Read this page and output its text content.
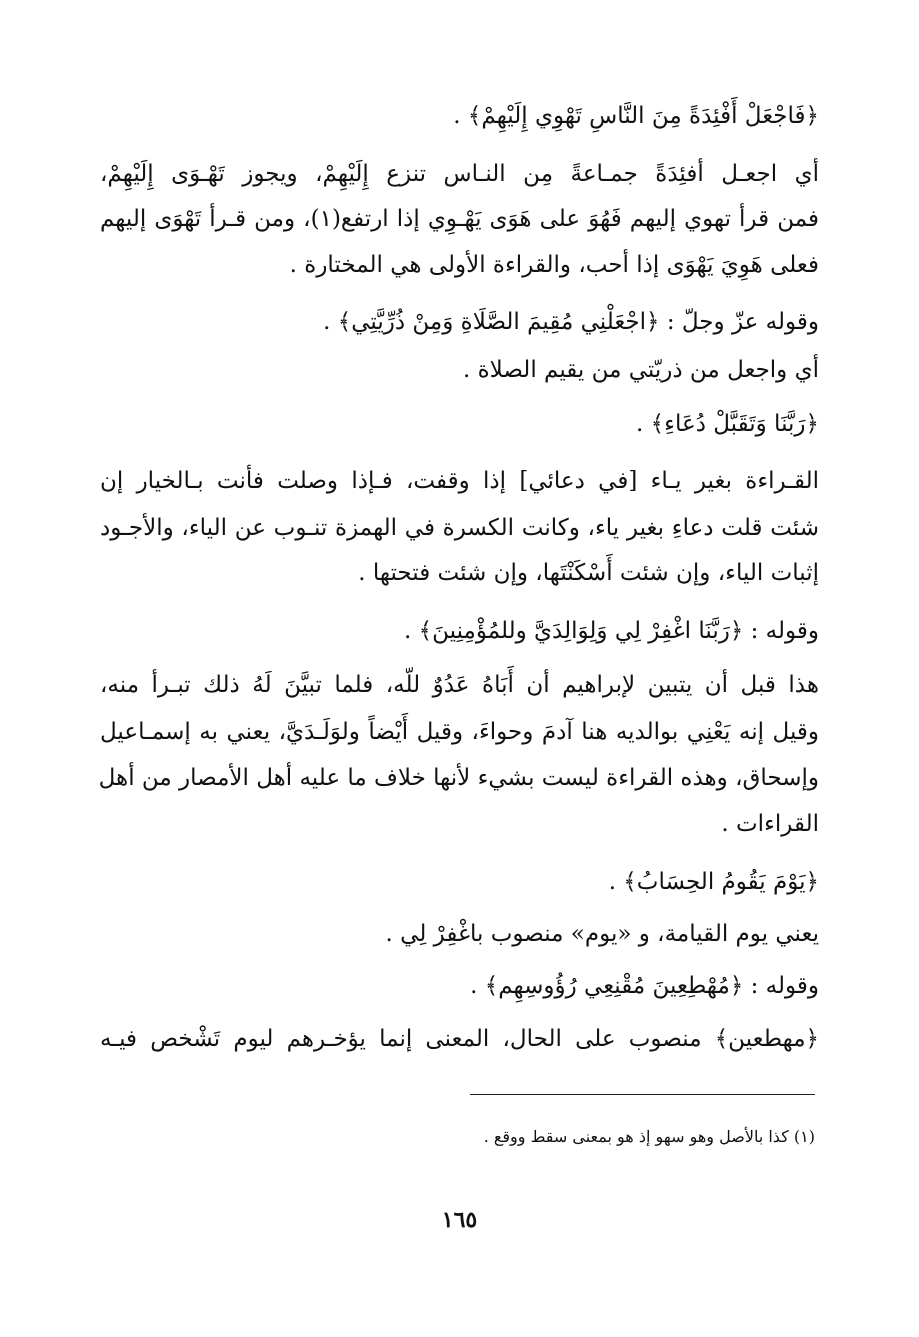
﴿فَاجْعَلْ أَفْئِدَةً مِنَ النَّاسِ تَهْوِي إِلَيْهِمْ﴾ .
أي اجعـل أفئِدَةً جمـاعةً مِن النـاس تنزع إِلَيْهِمْ، ويجوز تَهْـوَى إِلَيْهِمْ،
فمن قرأ تهوي إليهم فَهُوَ على هَوَى يَهْـوِي إذا ارتفع(١)، ومن قـرأ تَهْوَى إليهم
فعلى هَوِيَ يَهْوَى إذا أحب، والقراءة الأولى هي المختارة .
وقوله عزّ وجلّ : ﴿اجْعَلْنِي مُقِيمَ الصَّلَاةِ وَمِنْ ذُرِّيَّتِي﴾ .
أي واجعل من ذريّتي من يقيم الصلاة .
﴿رَبَّنَا وَتَقَبَّلْ دُعَاءِ﴾ .
القـراءة بغير يـاء [في دعائي] إذا وقفت، فـإذا وصلت فأنت بـالخيار إن
شئت قلت دعاءِ بغير ياء، وكانت الكسرة في الهمزة تنـوب عن الياء، والأجـود
إثبات الياء، وإن شئت أَسْكَنْتَها، وإن شئت فتحتها .
وقوله : ﴿رَبَّنَا اغْفِرْ لِي وَلِوَالِدَيَّ وللمُؤْمِنِينَ﴾ .
هذا قبل أن يتبين لإبراهيم أن أَبَاهُ عَدُوٌ للّه، فلما تبيَّنَ لَهُ ذلك تبـرأ منه،
وقيل إنه يَعْنِي بوالديه هنا آدمَ وحواءَ، وقيل أَيْضاً ولوَلَـدَيَّ، يعني به إسمـاعيل
وإسحاق، وهذه القراءة ليست بشيء لأنها خلاف ما عليه أهل الأمصار من أهل
القراءات .
﴿يَوْمَ يَقُومُ الحِسَابُ﴾ .
يعني يوم القيامة، و «يوم» منصوب باغْفِرْ لِي .
وقوله : ﴿مُهْطِعِينَ مُقْنِعِي رُؤُوسِهِم﴾ .
﴿مهطعين﴾ منصوب على الحال، المعنى إنما يؤخـرهم ليوم تَشْخص فيـه
(١) كذا بالأصل وهو سهو إذ هو بمعنى سقط ووقع .
١٦٥
